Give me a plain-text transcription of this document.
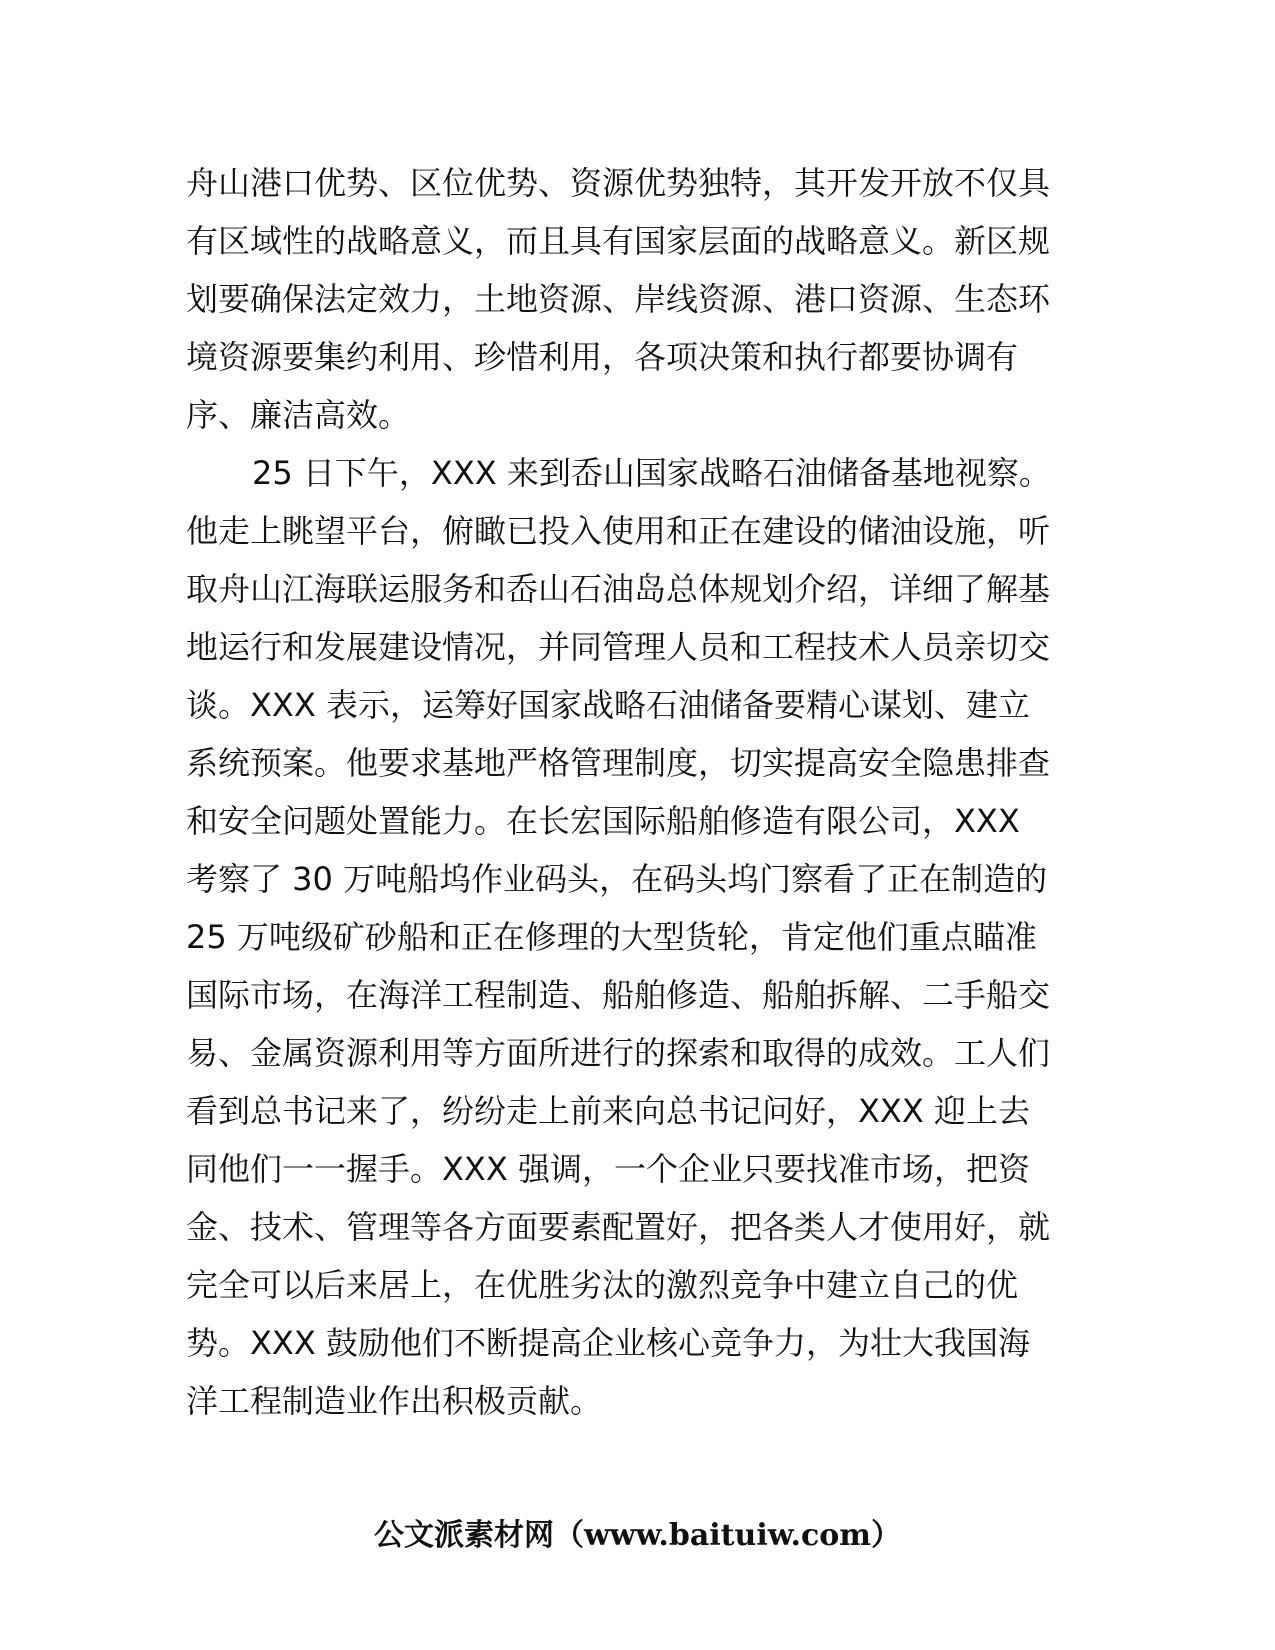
舟山港口优势、区位优势、资源优势独特，其开发开放不仅具
有区域性的战略意义，而且具有国家层面的战略意义。新区规
划要确保法定效力，土地资源、岸线资源、港口资源、生态环
境资源要集约利用、珍惜利用，各项决策和执行都要协调有
序、廉洁高效。
25 日下午，XXX 来到岙山国家战略石油储备基地视察。
他走上眺望平台，俯瞰已投入使用和正在建设的储油设施，听
取舟山江海联运服务和岙山石油岛总体规划介绍，详细了解基
地运行和发展建设情况，并同管理人员和工程技术人员亲切交
谈。XXX 表示，运筹好国家战略石油储备要精心谋划、建立
系统预案。他要求基地严格管理制度，切实提高安全隐患排查
和安全问题处置能力。在长宏国际船舶修造有限公司，XXX
考察了 30 万吨船坞作业码头，在码头坞门察看了正在制造的
25 万吨级矿砂船和正在修理的大型货轮，肯定他们重点瞄准
国际市场，在海洋工程制造、船舶修造、船舶拆解、二手船交
易、金属资源利用等方面所进行的探索和取得的成效。工人们
看到总书记来了，纷纷走上前来向总书记问好，XXX 迎上去
同他们一一握手。XXX 强调，一个企业只要找准市场，把资
金、技术、管理等各方面要素配置好，把各类人才使用好，就
完全可以后来居上，在优胜劣汰的激烈竞争中建立自己的优
势。XXX 鼓励他们不断提高企业核心竞争力，为壮大我国海
洋工程制造业作出积极贡献。
公文派素材网（www.baituiw.com）
